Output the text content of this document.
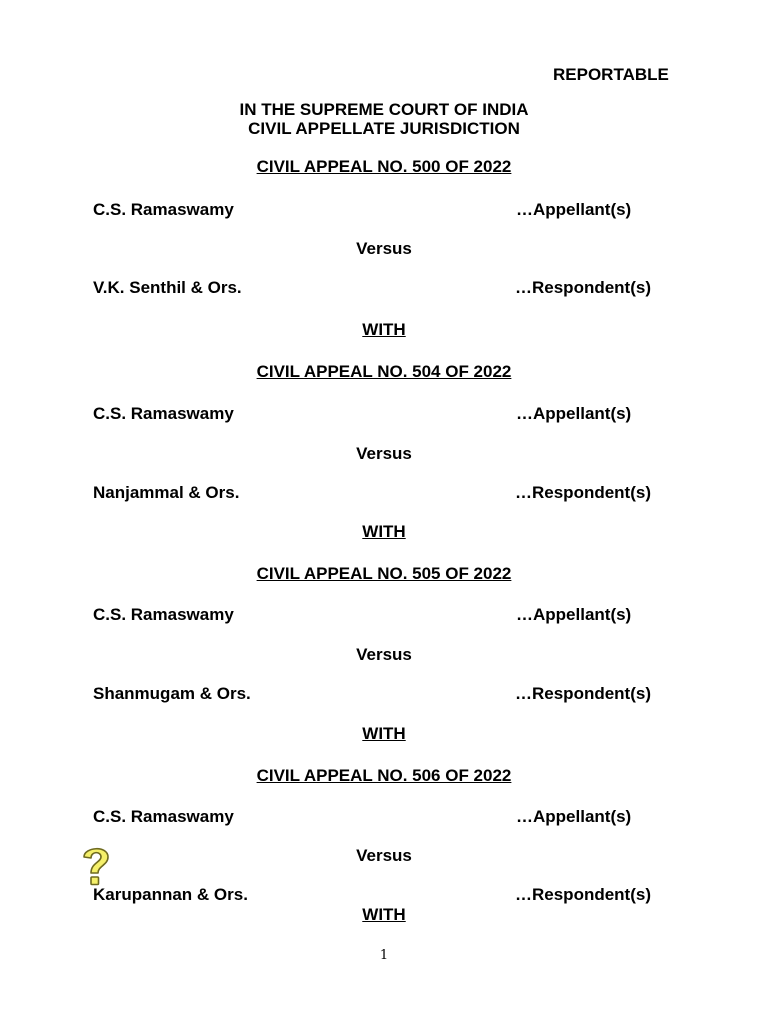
REPORTABLE
IN THE SUPREME COURT OF INDIA
CIVIL APPELLATE JURISDICTION
CIVIL APPEAL NO. 500 OF 2022
C.S. Ramaswamy	…Appellant(s)
Versus
V.K. Senthil & Ors.	…Respondent(s)
WITH
CIVIL APPEAL NO. 504 OF 2022
C.S. Ramaswamy	…Appellant(s)
Versus
Nanjammal & Ors.	…Respondent(s)
WITH
CIVIL APPEAL NO. 505 OF 2022
C.S. Ramaswamy	…Appellant(s)
Versus
Shanmugam & Ors.	…Respondent(s)
WITH
CIVIL APPEAL NO. 506 OF 2022
C.S. Ramaswamy	…Appellant(s)
Versus
Karupannan & Ors.	…Respondent(s)
WITH
1
